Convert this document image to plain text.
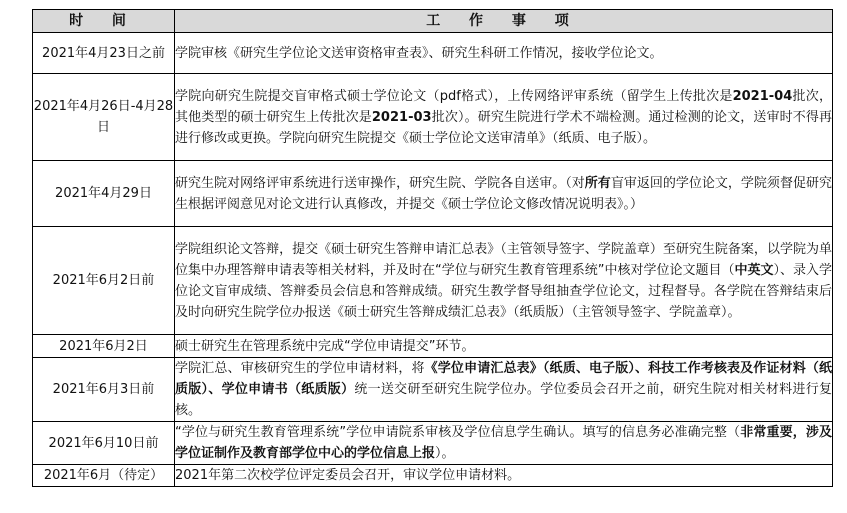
时 间	工 作 事 项
2021年4月23日之前	学院审核《研究生学位论文送审资格审查表》、研究生科研工作情况，接收学位论文。
2021年4月26日-4月28日	学院向研究生院提交盲审格式硕士学位论文（pdf格式），上传网络评审系统（留学生上传批次是2021-04批次，其他类型的硕士研究生上传批次是2021-03批次）。研究生院进行学术不端检测。通过检测的论文，送审时不得再进行修改或更换。学院向研究生院提交《硕士学位论文送审清单》（纸质、电子版）。
2021年4月29日	研究生院对网络评审系统进行送审操作，研究生院、学院各自送审。（对所有盲审返回的学位论文，学院须督促研究生根据评阅意见对论文进行认真修改，并提交《硕士学位论文修改情况说明表》。）
2021年6月2日前	学院组织论文答辩，提交《硕士研究生答辩申请汇总表》（主管领导签字、学院盖章）至研究生院备案，以学院为单位集中办理答辩申请表等相关材料，并及时在“学位与研究生教育管理系统”中核对学位论文题目（中英文）、录入学位论文盲审成绩、答辩委员会信息和答辩成绩。研究生教学督导组抽查学位论文，过程督导。各学院在答辩结束后及时向研究生院学位办报送《硕士研究生答辩成绩汇总表》（纸质版）（主管领导签字、学院盖章）。
2021年6月2日	硕士研究生在管理系统中完成“学位申请提交”环节。
2021年6月3日前	学院汇总、审核研究生的学位申请材料，将《学位申请汇总表》（纸质、电子版）、科技工作考核表及作证材料（纸质版）、学位申请书（纸质版）统一送交研至研究生院学位办。学位委员会召开之前，研究生院对相关材料进行复核。
2021年6月10日前	“学位与研究生教育管理系统”学位申请院系审核及学位信息学生确认。填写的信息务必准确完整（非常重要，涉及学位证制作及教育部学位中心的学位信息上报）。
2021年6月（待定）	2021年第二次校学位评定委员会召开，审议学位申请材料。
